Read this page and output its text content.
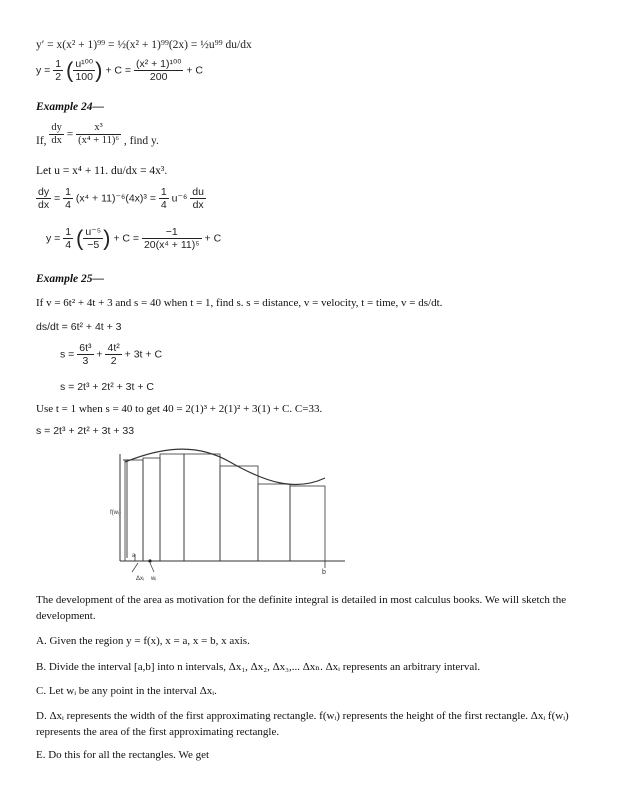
y′ = x(x² + 1)⁹⁹ = ½(x² + 1)⁹⁹(2x) = ½u⁹⁹ du/dx
$y = \frac{1}{2}$ ( $\frac{\text{u¹⁰⁰}}{100}$ ) + $C = \frac{\text{(x² + 1)¹⁰⁰}}{200} + C$
Example 24—
If, $\frac{dy}{dx} = \frac{\text{x³}}{\text{(x⁴ + 11)⁶}}$ , find y.
Let u = x⁴ + 11. du/dx = 4x³.
$\frac{dy}{dx} = \frac{1}{4} (x^4 + 11)^{-6}(4x)^3 = \frac{1}{4} u^{-6} \frac{du}{dx}$
$y = \frac{1}{4}$ ( $\frac{\text{u⁻⁵}}{-5}$ ) + $C = \frac{-1}{\text{20(x⁴ + 11)⁵}} + C$
Example 25—
If v = 6t² + 4t + 3 and s = 40 when t = 1, find s. s = distance, v = velocity, t = time, v = ds/dt.
ds/dt = 6t² + 4t + 3
$s = \frac{\text{6t³}}{3} + \frac{\text{4t²}}{2} + 3t + C$
s = 2t³ + 2t² + 3t + C
Use t = 1 when s = 40 to get 40 = 2(1)³ + 2(1)² + 3(1) + C. C=33.
s = 2t³ + 2t² + 3t + 33
f(wᵢ)
a
b
Δxᵢ wᵢ
The development of the area as motivation for the definite integral is detailed in most calculus books. We will sketch the development.
A. Given the region y = f(x), x = a, x = b, x axis.
B. Divide the interval [a,b] into n intervals, Δx₁, Δx₂, Δx₃,... Δxₙ. Δxᵢ represents an arbitrary interval.
C. Let wᵢ be any point in the interval Δxᵢ.
D. Δxᵢ represents the width of the first approximating rectangle. f(wᵢ) represents the height of the first rectangle. Δxᵢ f(wᵢ) represents the area of the first approximating rectangle.
E. Do this for all the rectangles. We get
